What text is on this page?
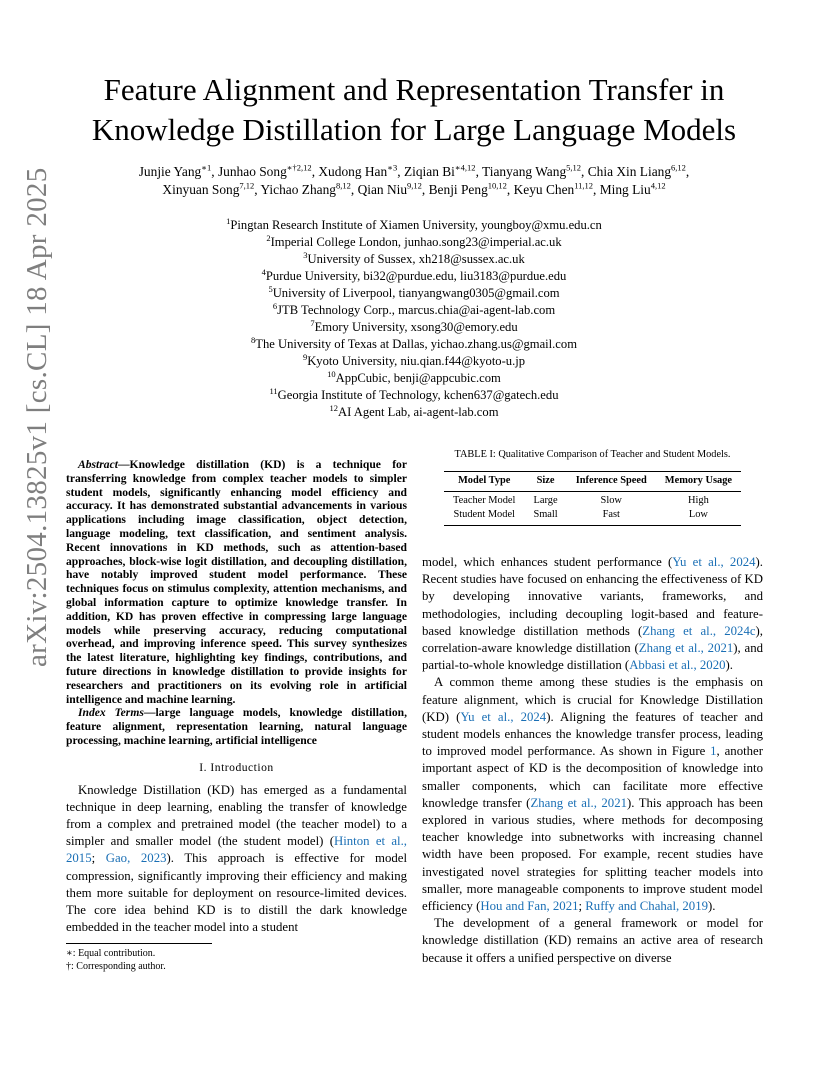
arXiv:2504.13825v1 [cs.CL] 18 Apr 2025
Feature Alignment and Representation Transfer in Knowledge Distillation for Large Language Models
Junjie Yang$^{∗1}$, Junhao Song$^{∗\dagger 2,12}$, Xudong Han$^{∗3}$, Ziqian $Bi^{∗4,12}$, Tianyang Wang$^{5,12}$, Chia Xin Liang$^{6,12}$,
Xinyuan Song$^{7,12}$, Yichao Zhang$^{8,12}$, Qian Niu$^{9,12}$, Benji Peng$^{10,12}$, Keyu Chen$^{11,12}$, Ming Liu$^{4,12}$
$^1$Pingtan Research Institute of Xiamen University, youngboy@xmu.edu.cn
$^2$Imperial College London, junhao.song23@imperial.ac.uk
$^3$University of Sussex, xh218@sussex.ac.uk
$^4$Purdue University, bi32@purdue.edu, liu3183@purdue.edu
$^5$University of Liverpool, tianyangwang0305@gmail.com
$^6$JTB Technology Corp., marcus.chia@ai-agent-lab.com
$^7$Emory University, xsong30@emory.edu
$^8$The University of Texas at Dallas, yichao.zhang.us@gmail.com
$^9$Kyoto University, niu.qian.f44@kyoto-u.jp
$^{10}$AppCubic, benji@appcubic.com
$^{11}$Georgia Institute of Technology, kchen637@gatech.edu
$^{12}$AI Agent Lab, ai-agent-lab.com

Abstract—Knowledge distillation (KD) is a technique for transferring knowledge from complex teacher models to simpler student models, significantly enhancing model efficiency and accuracy. It has demonstrated substantial advancements in various applications including image classification, object detection, language modeling, text classification, and sentiment analysis. Recent innovations in KD methods, such as attention-based approaches, block-wise logit distillation, and decoupling distillation, have notably improved student model performance. These techniques focus on stimulus complexity, attention mechanisms, and global information capture to optimize knowledge transfer. In addition, KD has proven effective in compressing large language models while preserving accuracy, reducing computational overhead, and improving inference speed. This survey synthesizes the latest literature, highlighting key findings, contributions, and future directions in knowledge distillation to provide insights for researchers and practitioners on its evolving role in artificial intelligence and machine learning.

Index Terms—large language models, knowledge distillation, feature alignment, representation learning, natural language processing, machine learning, artificial intelligence

I. Introduction

Knowledge Distillation (KD) has emerged as a fundamental technique in deep learning, enabling the transfer of knowledge from a complex and pretrained model (the teacher model) to a simpler and smaller model (the student model) (Hinton et al., 2015; Gao, 2023). This approach is effective for model compression, significantly improving their efficiency and making them more suitable for deployment on resource-limited devices. The core idea behind KD is to distill the dark knowledge embedded in the teacher model into a student

∗: Equal contribution.
†: Corresponding author.

TABLE I: Qualitative Comparison of Teacher and Student Models.

Model Type	Size	Inference Speed	Memory Usage
Teacher Model	Large	Slow	High
Student Model	Small	Fast	Low

model, which enhances student performance (Yu et al., 2024). Recent studies have focused on enhancing the effectiveness of KD by developing innovative variants, frameworks, and methodologies, including decoupling logit-based and feature-based knowledge distillation methods (Zhang et al., 2024c), correlation-aware knowledge distillation (Zhang et al., 2021), and partial-to-whole knowledge distillation (Abbasi et al., 2020).

A common theme among these studies is the emphasis on feature alignment, which is crucial for Knowledge Distillation (KD) (Yu et al., 2024). Aligning the features of teacher and student models enhances the knowledge transfer process, leading to improved model performance. As shown in Figure 1, another important aspect of KD is the decomposition of knowledge into smaller components, which can facilitate more effective knowledge transfer (Zhang et al., 2021). This approach has been explored in various studies, where methods for decomposing teacher knowledge into subnetworks with increasing channel width have been proposed. For example, recent studies have investigated novel strategies for splitting teacher models into smaller, more manageable components to improve student model efficiency (Hou and Fan, 2021; Ruffy and Chahal, 2019).

The development of a general framework or model for knowledge distillation (KD) remains an active area of research because it offers a unified perspective on diverse
